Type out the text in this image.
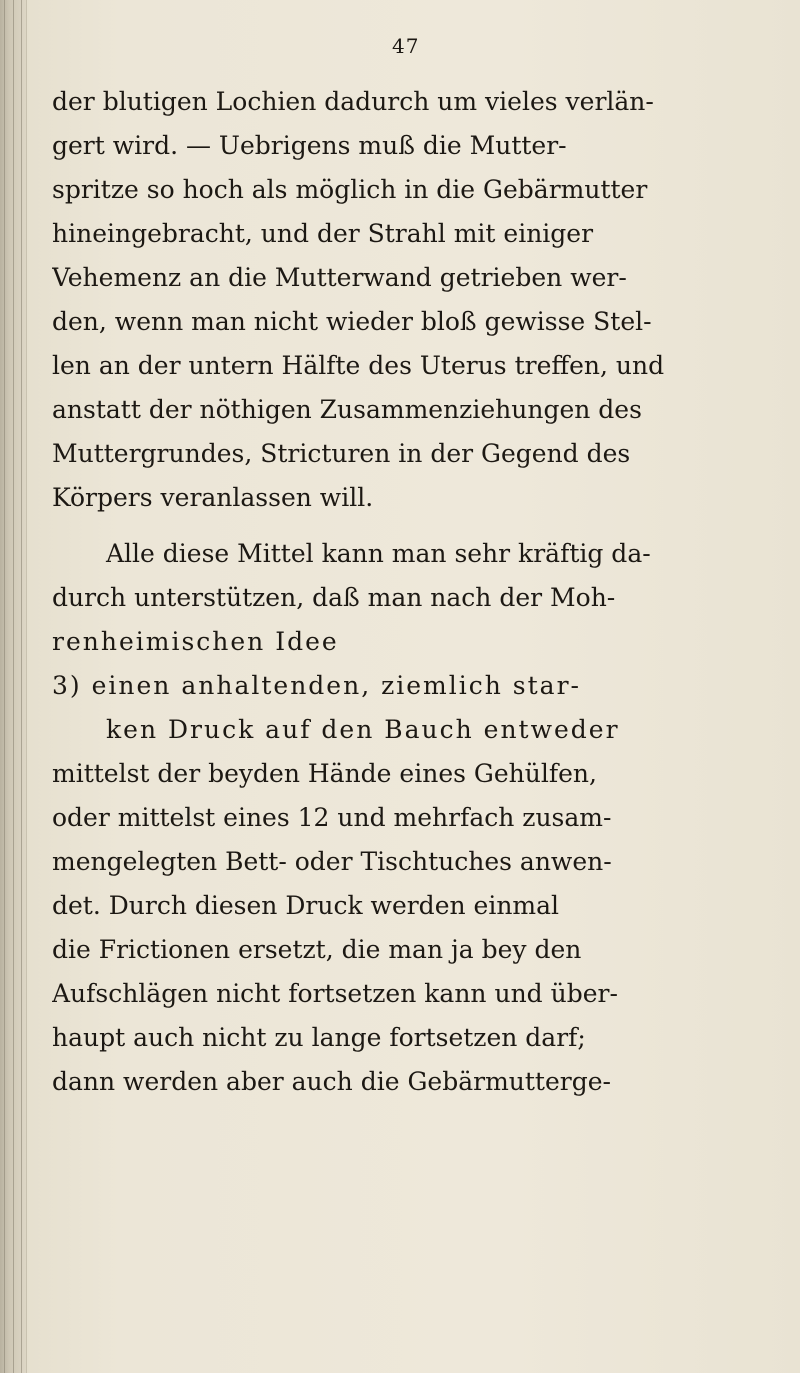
47
der blutigen Lochien dadurch um vieles verlän-
gert wird. — Uebrigens muß die Mutter-
spritze so hoch als möglich in die Gebärmutter
hineingebracht, und der Strahl mit einiger
Vehemenz an die Mutterwand getrieben wer-
den, wenn man nicht wieder bloß gewisse Stel-
len an der untern Hälfte des Uterus treffen, und
anstatt der nöthigen Zusammenziehungen des
Muttergrundes, Stricturen in der Gegend des
Körpers veranlassen will.
Alle diese Mittel kann man sehr kräftig da-
durch unterstützen, daß man nach der Moh-
renheimischen Idee
3) einen anhaltenden, ziemlich star-
ken Druck auf den Bauch entweder
mittelst der beyden Hände eines Gehülfen,
oder mittelst eines 12 und mehrfach zusam-
mengelegten Bett- oder Tischtuches anwen-
det. Durch diesen Druck werden einmal
die Frictionen ersetzt, die man ja bey den
Aufschlägen nicht fortsetzen kann und über-
haupt auch nicht zu lange fortsetzen darf;
dann werden aber auch die Gebärmutterge-
